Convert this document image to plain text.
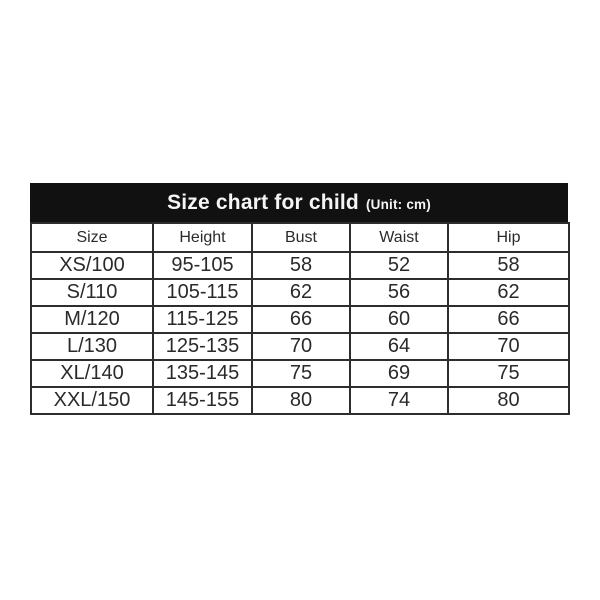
Size chart for child (Unit: cm)
Size	Height	Bust	Waist	Hip
XS/100	95-105	58	52	58
S/110	105-115	62	56	62
M/120	115-125	66	60	66
L/130	125-135	70	64	70
XL/140	135-145	75	69	75
XXL/150	145-155	80	74	80
